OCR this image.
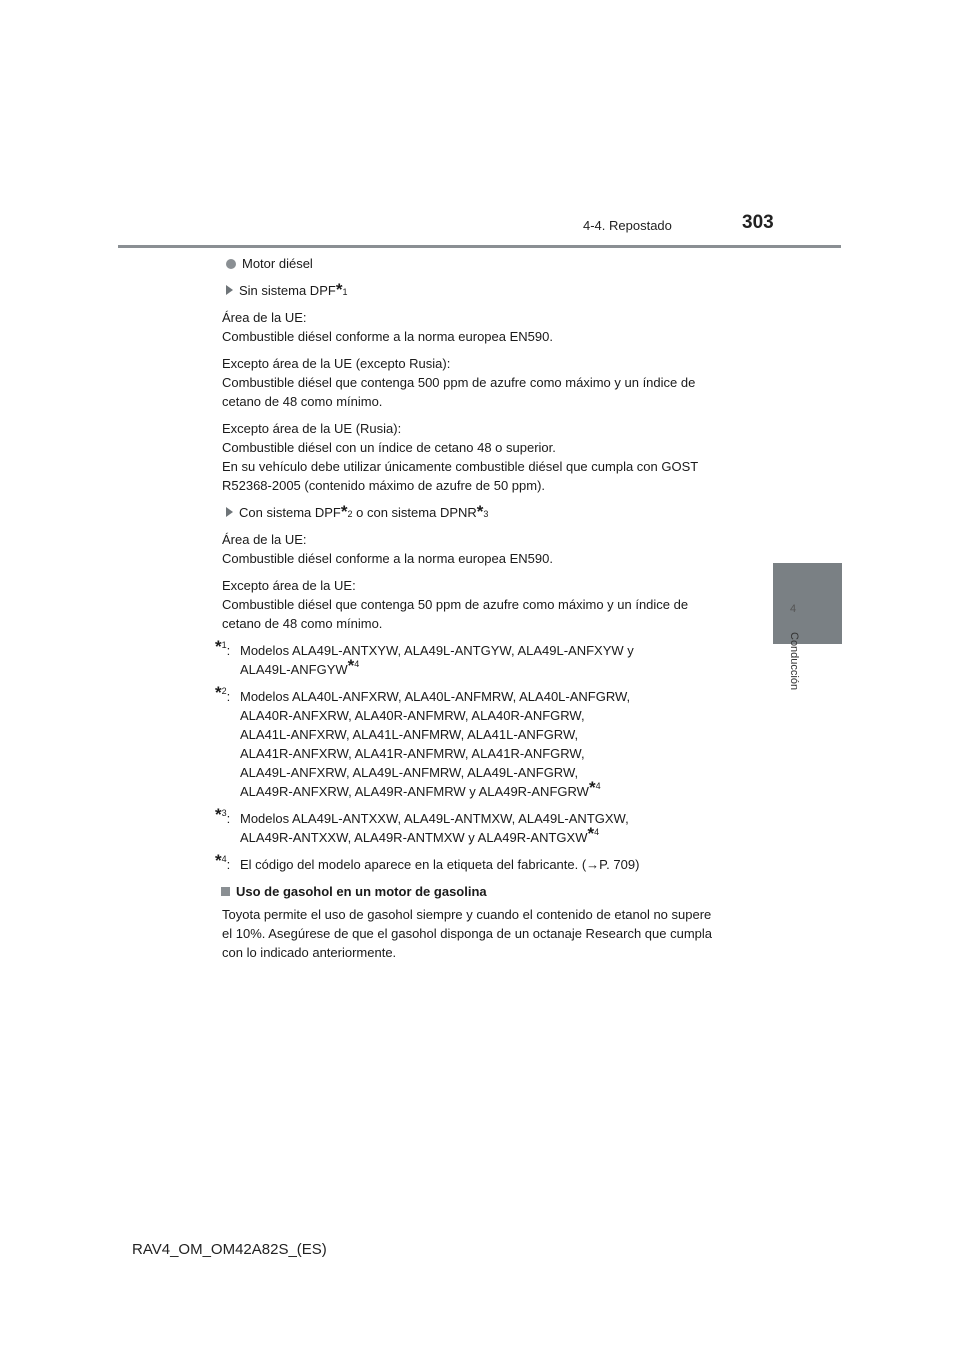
4-4. Repostado	303
4
Conducción
Motor diésel
Sin sistema DPF * 1
Área de la UE:
Combustible diésel conforme a la norma europea EN590.
Excepto área de la UE (excepto Rusia):
Combustible diésel que contenga 500 ppm de azufre como máximo y un índice de
cetano de 48 como mínimo.
Excepto área de la UE (Rusia):
Combustible diésel con un índice de cetano 48 o superior.
En su vehículo debe utilizar únicamente combustible diésel que cumpla con GOST
R52368-2005 (contenido máximo de azufre de 50 ppm).
Con sistema DPF * 2 o con sistema DPNR * 3
Área de la UE:
Combustible diésel conforme a la norma europea EN590.
Excepto área de la UE:
Combustible diésel que contenga 50 ppm de azufre como máximo y un índice de
cetano de 48 como mínimo.
$^{*1}$: Modelos ALA49L-ANTXYW, ALA49L-ANTGYW, ALA49L-ANFXYW y
ALA49L-ANFGYW$^{*4}$
$^{*2}$: Modelos ALA40L-ANFXRW, ALA40L-ANFMRW, ALA40L-ANFGRW,
ALA40R-ANFXRW, ALA40R-ANFMRW, ALA40R-ANFGRW,
ALA41L-ANFXRW, ALA41L-ANFMRW, ALA41L-ANFGRW,
ALA41R-ANFXRW, ALA41R-ANFMRW, ALA41R-ANFGRW,
ALA49L-ANFXRW, ALA49L-ANFMRW, ALA49L-ANFGRW,
ALA49R-ANFXRW, ALA49R-ANFMRW y ALA49R-ANFGRW$^{*4}$
$^{*3}$: Modelos ALA49L-ANTXXW, ALA49L-ANTMXW, ALA49L-ANTGXW,
ALA49R-ANTXXW, ALA49R-ANTMXW y ALA49R-ANTGXW$^{*4}$
$^{*4}$: El código del modelo aparece en la etiqueta del fabricante. (→P. 709)
Uso de gasohol en un motor de gasolina
Toyota permite el uso de gasohol siempre y cuando el contenido de etanol no supere
el 10%. Asegúrese de que el gasohol disponga de un octanaje Research que cumpla
con lo indicado anteriormente.
RAV4_OM_OM42A82S_(ES)
